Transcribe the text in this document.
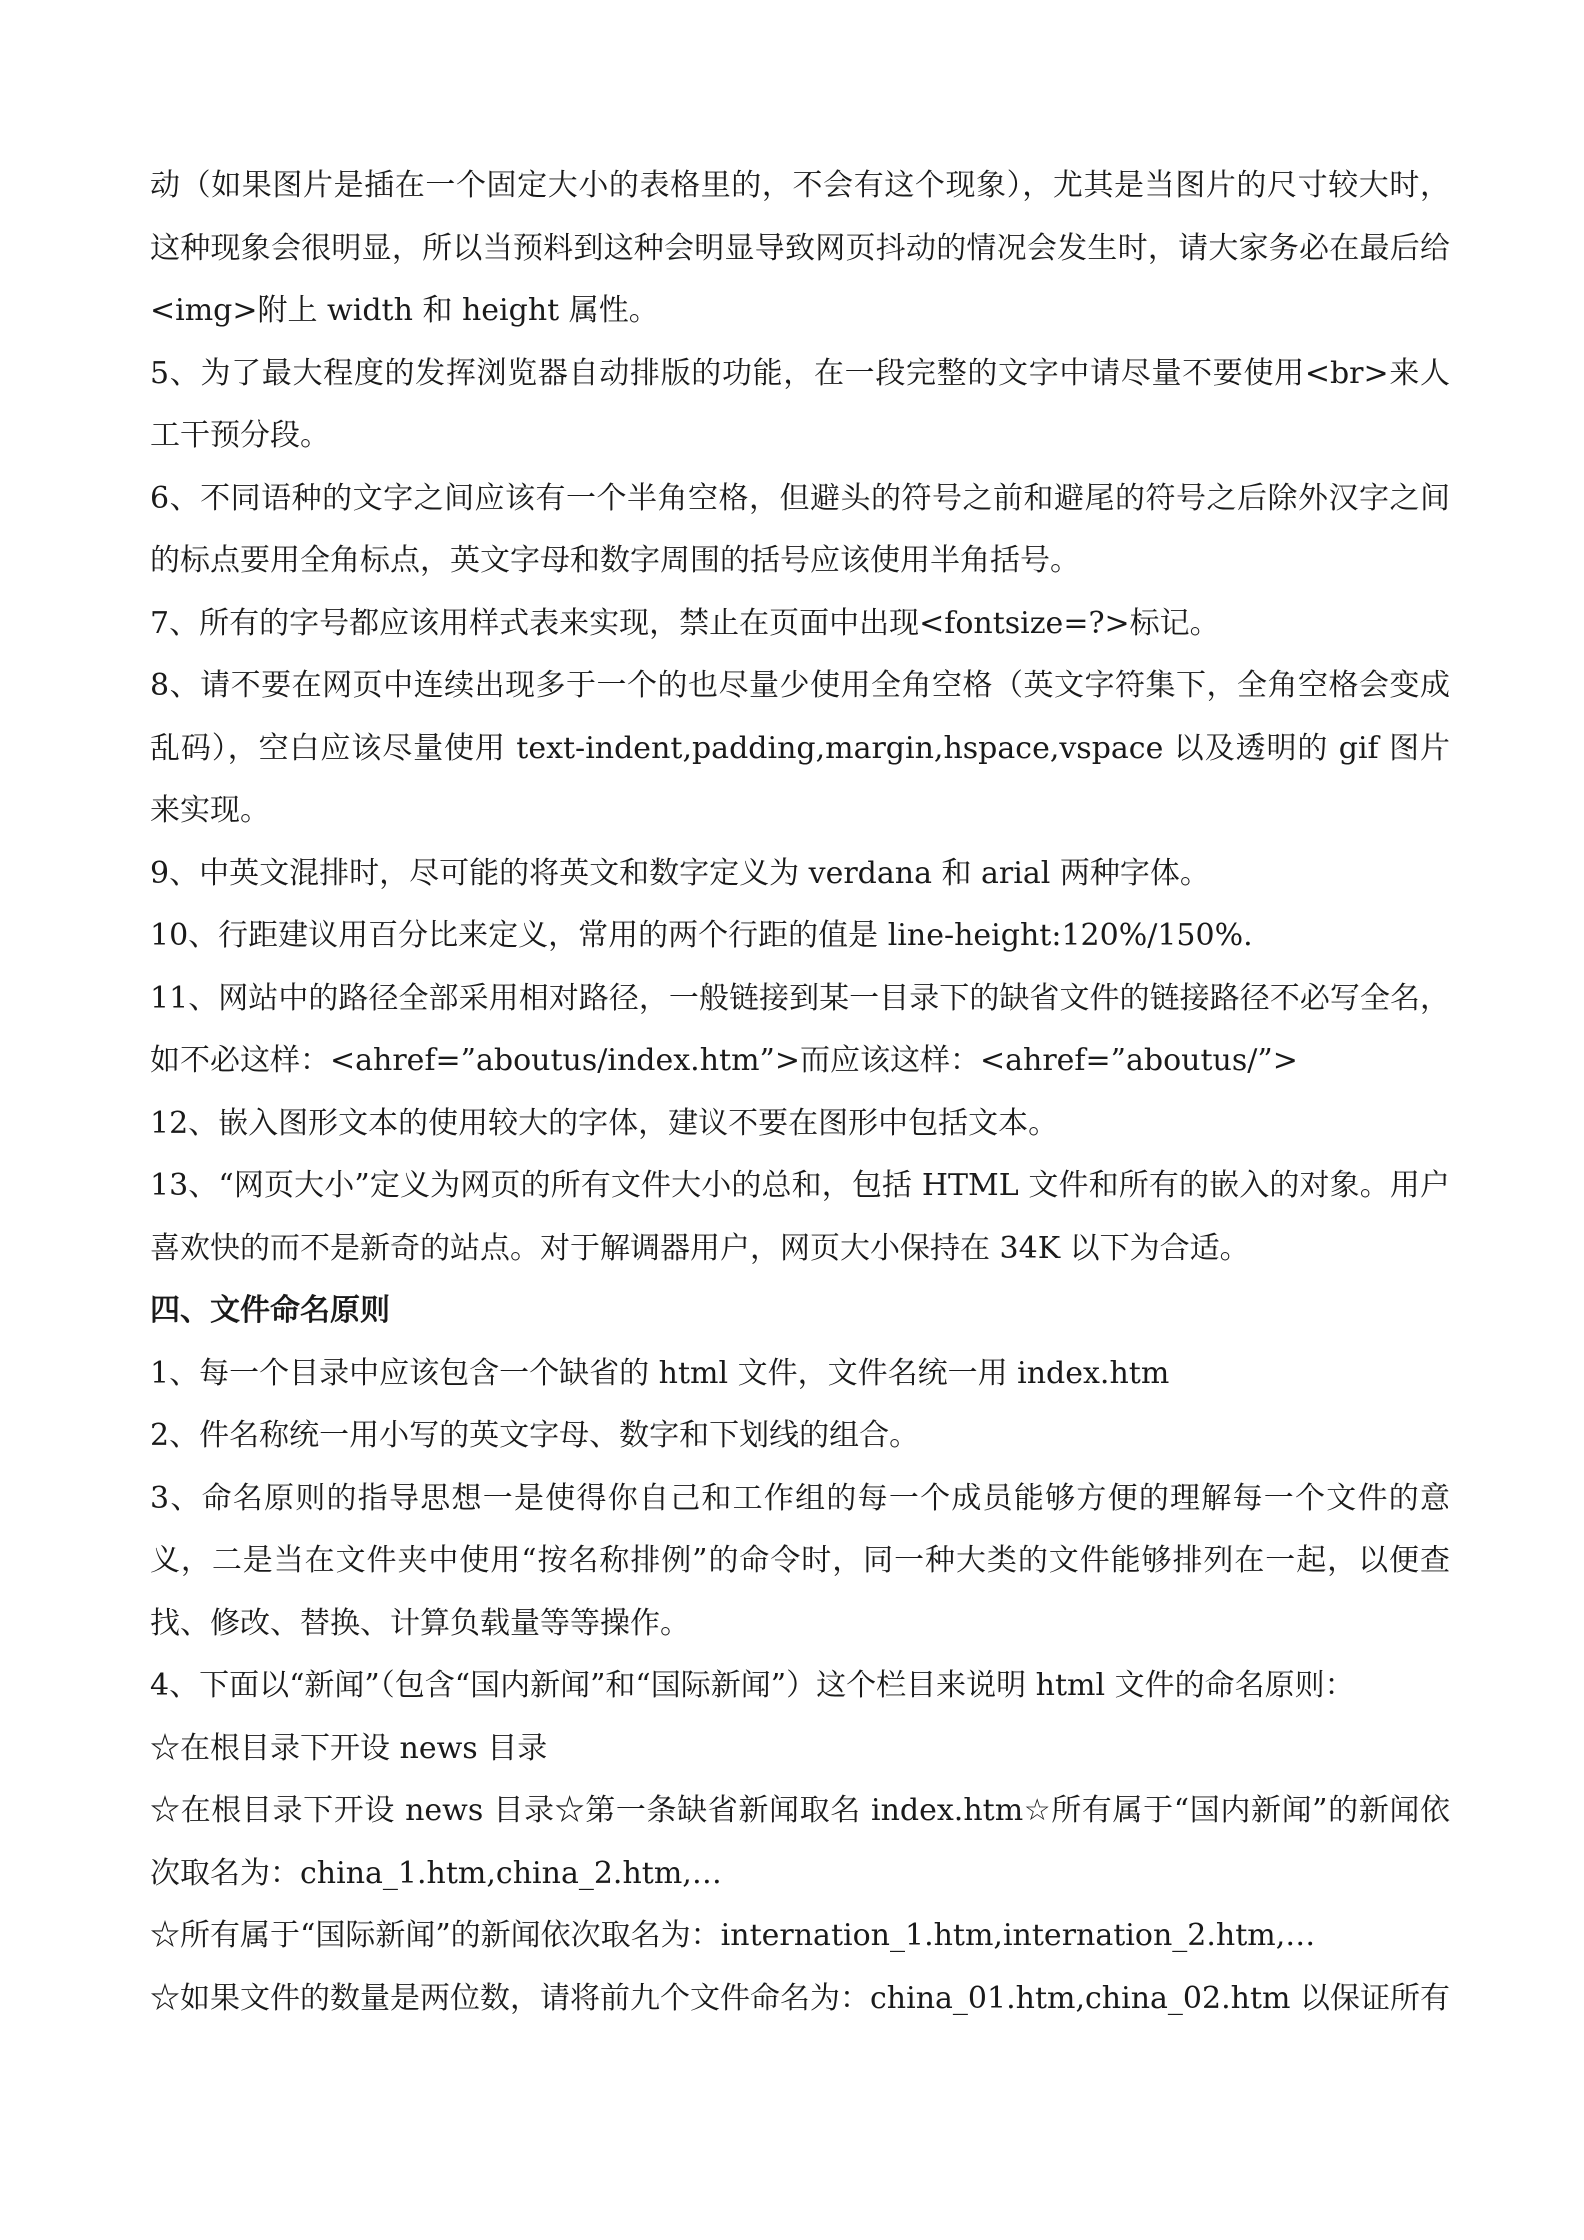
动（如果图片是插在一个固定大小的表格里的，不会有这个现象），尤其是当图片的尺寸较大时，这种现象会很明显，所以当预料到这种会明显导致网页抖动的情况会发生时，请大家务必在最后给<img>附上 width 和 height 属性。

5、为了最大程度的发挥浏览器自动排版的功能，在一段完整的文字中请尽量不要使用<br>来人工干预分段。

6、不同语种的文字之间应该有一个半角空格，但避头的符号之前和避尾的符号之后除外汉字之间的标点要用全角标点，英文字母和数字周围的括号应该使用半角括号。

7、所有的字号都应该用样式表来实现，禁止在页面中出现<fontsize=?>标记。

8、请不要在网页中连续出现多于一个的也尽量少使用全角空格（英文字符集下，全角空格会变成乱码），空白应该尽量使用 text-indent,padding,margin,hspace,vspace 以及透明的 gif 图片来实现。

9、中英文混排时，尽可能的将英文和数字定义为 verdana 和 arial 两种字体。

10、行距建议用百分比来定义，常用的两个行距的值是 line-height:120%/150%.

11、网站中的路径全部采用相对路径，一般链接到某一目录下的缺省文件的链接路径不必写全名，如不必这样：<ahref=”aboutus/index.htm”>而应该这样：<ahref=”aboutus/”>

12、嵌入图形文本的使用较大的字体，建议不要在图形中包括文本。

13、“网页大小”定义为网页的所有文件大小的总和，包括 HTML 文件和所有的嵌入的对象。用户喜欢快的而不是新奇的站点。对于解调器用户，网页大小保持在 34K 以下为合适。

四、文件命名原则

1、每一个目录中应该包含一个缺省的 html 文件，文件名统一用 index.htm

2、件名称统一用小写的英文字母、数字和下划线的组合。

3、命名原则的指导思想一是使得你自己和工作组的每一个成员能够方便的理解每一个文件的意义，二是当在文件夹中使用“按名称排例”的命令时，同一种大类的文件能够排列在一起，以便查找、修改、替换、计算负载量等等操作。

4、下面以“新闻”（包含“国内新闻”和“国际新闻”）这个栏目来说明 html 文件的命名原则：

☆在根目录下开设 news 目录

☆在根目录下开设 news 目录☆第一条缺省新闻取名 index.htm☆所有属于“国内新闻”的新闻依次取名为：china_1.htm,china_2.htm,…

☆所有属于“国际新闻”的新闻依次取名为：internation_1.htm,internation_2.htm,…

☆如果文件的数量是两位数，请将前九个文件命名为：china_01.htm,china_02.htm 以保证所有
